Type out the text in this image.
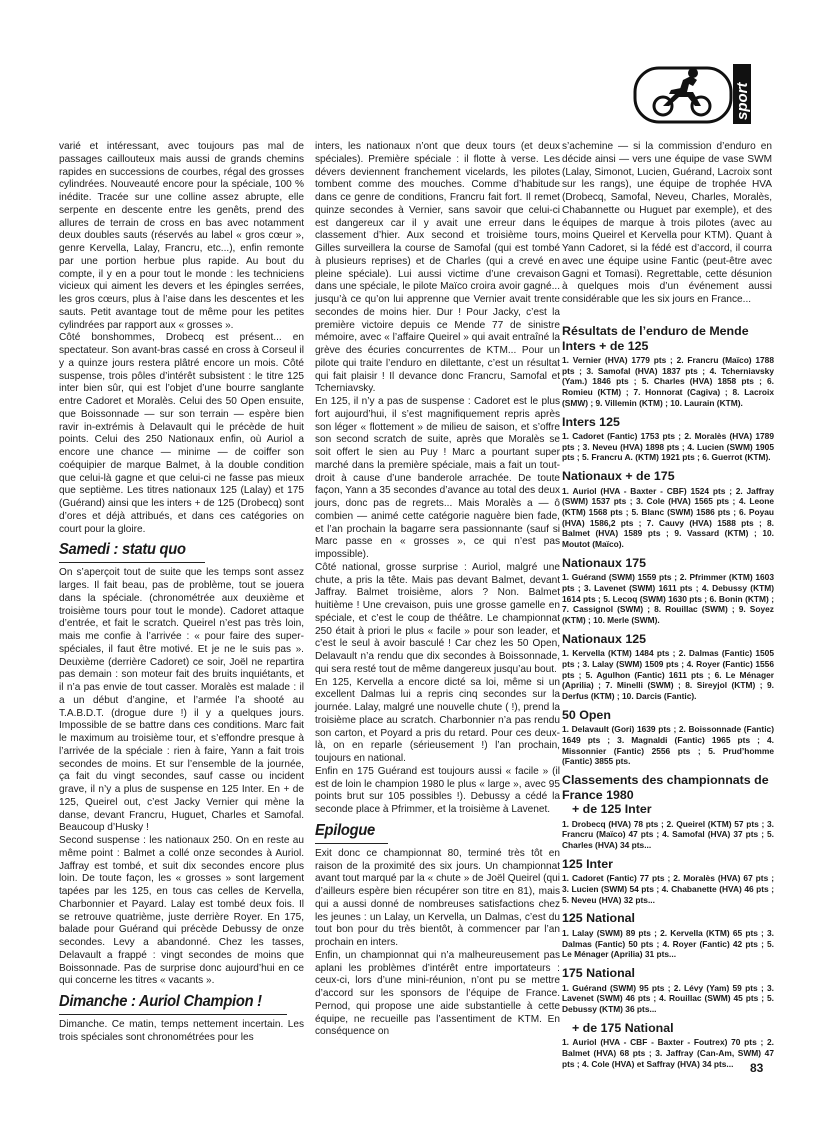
sport

varié et intéressant, avec toujours pas mal de passages caillouteux mais aussi de grands chemins rapides en successions de courbes, régal des grosses cylindrées. Nouveauté encore pour la spéciale, 100 % inédite. Tracée sur une colline assez abrupte, elle serpente en descente entre les genêts, prend des allures de terrain de cross en bas avec notamment deux doubles sauts (réservés au label « gros cœur », genre Kervella, Lalay, Francru, etc...), enfin remonte par une portion herbue plus rapide. Au bout du compte, il y en a pour tout le monde : les techniciens vicieux qui aiment les devers et les épingles serrées, les gros cœurs, plus à l’aise dans les descentes et les sauts. Petit avantage tout de même pour les petites cylindrées par rapport aux « grosses ».

Côté bonshommes, Drobecq est présent... en spectateur. Son avant-bras cassé en cross à Corseul il y a quinze jours restera plâtré encore un mois. Côté suspense, trois pôles d’intérêt subsistent : le titre 125 inter bien sûr, qui est l’objet d’une bourre sanglante entre Cadoret et Moralès. Celui des 50 Open ensuite, que Boissonnade — sur son terrain — espère bien ravir in-extrémis à Delavault qui le précède de huit points. Celui des 250 Nationaux enfin, où Auriol a encore une chance — minime — de coiffer son coéquipier de marque Balmet, à la double condition que celui-là gagne et que celui-ci ne fasse pas mieux que septième. Les titres nationaux 125 (Lalay) et 175 (Guérand) ainsi que les inters + de 125 (Drobecq) sont d’ores et déjà attribués, et dans ces catégories on court pour la gloire.

Samedi : statu quo

On s’aperçoit tout de suite que les temps sont assez larges. Il fait beau, pas de problème, tout se jouera dans la spéciale. (chronométrée aux deuxième et troisième tours pour tout le monde). Cadoret attaque d’entrée, et fait le scratch. Queirel n’est pas très loin, mais me confie à l’arrivée : « pour faire des super-spéciales, il faut être motivé. Et je ne le suis pas ». Deuxième (derrière Cadoret) ce soir, Joël ne repartira pas demain : son moteur fait des bruits inquiétants, et il n’a pas envie de tout casser. Moralès est malade : il a un début d’angine, et l’armée l’a shooté au T.A.B.D.T. (drogue dure !) il y a quelques jours. Impossible de se battre dans ces conditions. Marc fait le maximum au troisième tour, et s’effondre presque à l’arrivée de la spéciale : rien à faire, Yann a fait trois secondes de moins. Et sur l’ensemble de la journée, ça fait du vingt secondes, sauf casse ou incident grave, il n’y a plus de suspense en 125 Inter. En + de 125, Queirel out, c’est Jacky Vernier qui mène la danse, devant Francru, Huguet, Charles et Samofal. Beaucoup d’Husky !

Second suspense : les nationaux 250. On en reste au même point : Balmet a collé onze secondes à Auriol. Jaffray est tombé, et suit dix secondes encore plus loin. De toute façon, les « grosses » sont largement tapées par les 125, en tous cas celles de Kervella, Charbonnier et Payard. Lalay est tombé deux fois. Il se retrouve quatrième, juste derrière Royer. En 175, balade pour Guérand qui précède Debussy de onze secondes. Levy a abandonné. Chez les tasses, Delavault a frappé : vingt secondes de moins que Boissonnade. Pas de surprise donc aujourd’hui en ce qui concerne les titres « vacants ».

Dimanche : Auriol Champion !

Dimanche. Ce matin, temps nettement incertain. Les trois spéciales sont chronométrées pour les

inters, les nationaux n’ont que deux tours (et deux spéciales). Première spéciale : il flotte à verse. Les dévers deviennent franchement vicelards, les pilotes tombent comme des mouches. Comme d’habitude dans ce genre de conditions, Francru fait fort. Il remet quinze secondes à Vernier, sans savoir que celui-ci est dangereux car il y avait une erreur dans le classement d’hier. Aux second et troisième tours, Gilles surveillera la course de Samofal (qui est tombé à plusieurs reprises) et de Charles (qui a crevé en pleine spéciale). Lui aussi victime d’une crevaison dans une spéciale, le pilote Maïco croira avoir gagné... jusqu’à ce qu’on lui apprenne que Vernier avait trente secondes de moins hier. Dur ! Pour Jacky, c’est la première victoire depuis ce Mende 77 de sinistre mémoire, avec « l’affaire Queirel » qui avait entraîné la grève des écuries concurrentes de KTM... Pour un pilote qui traite l’enduro en dilettante, c’est un résultat qui fait plaisir ! Il devance donc Francru, Samofal et Tcherniavsky.

En 125, il n’y a pas de suspense : Cadoret est le plus fort aujourd’hui, il s’est magnifiquement repris après son léger « flottement » de milieu de saison, et s’offre son second scratch de suite, après que Moralès se soit offert le sien au Puy ! Marc a pourtant super marché dans la première spéciale, mais a fait un tout-droit à cause d’une banderole arrachée. De toute façon, Yann a 35 secondes d’avance au total des deux jours, donc pas de regrets... Mais Moralès a — ô combien — animé cette catégorie naguère bien fade, et l’an prochain la bagarre sera passionnante (sauf si Marc passe en « grosses », ce qui n’est pas impossible).

Côté national, grosse surprise : Auriol, malgré une chute, a pris la tête. Mais pas devant Balmet, devant Jaffray. Balmet troisième, alors ? Non. Balmet huitième ! Une crevaison, puis une grosse gamelle en spéciale, et c’est le coup de théâtre. Le championnat 250 était à priori le plus « facile » pour son leader, et c’est le seul à avoir basculé ! Car chez les 50 Open, Delavault n’a rendu que dix secondes à Boissonnade, qui sera resté tout de même dangereux jusqu’au bout.

En 125, Kervella a encore dicté sa loi, même si un excellent Dalmas lui a repris cinq secondes sur la journée. Lalay, malgré une nouvelle chute ( !), prend la troisième place au scratch. Charbonnier n’a pas rendu son carton, et Poyard a pris du retard. Pour ces deux-là, on en reparle (sérieusement !) l’an prochain, toujours en national.

Enfin en 175 Guérand est toujours aussi « facile » (il est de loin le champion 1980 le plus « large », avec 95 points brut sur 105 possibles !). Debussy a cédé la seconde place à Pfrimmer, et la troisième à Lavenet.

Epilogue

Exit donc ce championnat 80, terminé très tôt en raison de la proximité des six jours. Un championnat avant tout marqué par la « chute » de Joël Queirel (qui d’ailleurs espère bien récupérer son titre en 81), mais qui a aussi donné de nombreuses satisfactions chez les jeunes : un Lalay, un Kervella, un Dalmas, c’est du tout bon pour du très bientôt, à commencer par l’an prochain en inters.

Enfin, un championnat qui n’a malheureusement pas aplani les problèmes d’intérêt entre importateurs : ceux-ci, lors d’une mini-réunion, n’ont pu se mettre d’accord sur les sponsors de l’équipe de France. Pernod, qui propose une aide substantielle à cette équipe, ne recueille pas l’assentiment de KTM. En conséquence on

s’achemine — si la commission d’enduro en décide ainsi — vers une équipe de vase SWM (Lalay, Simonot, Lucien, Guérand, Lacroix sont sur les rangs), une équipe de trophée HVA (Drobecq, Samofal, Neveu, Charles, Moralès, Chabannette ou Huguet par exemple), et des équipes de marque à trois pilotes (avec au moins Queirel et Kervella pour KTM). Quant à Yann Cadoret, si la fédé est d’accord, il courra avec une équipe usine Fantic (peut-être avec Gagni et Tomasi). Regrettable, cette désunion à quelques mois d’un événement aussi considérable que les six jours en France...

Résultats de l’enduro de Mende
Inters + de 125
1. Vernier (HVA) 1779 pts ; 2. Francru (Maïco) 1788 pts ; 3. Samofal (HVA) 1837 pts ; 4. Tcherniavsky (Yam.) 1846 pts ; 5. Charles (HVA) 1858 pts ; 6. Romieu (KTM) ; 7. Honnorat (Cagiva) ; 8. Lacroix (SMW) ; 9. Villemin (KTM) ; 10. Laurain (KTM).
Inters 125
1. Cadoret (Fantic) 1753 pts ; 2. Moralès (HVA) 1789 pts ; 3. Neveu (HVA) 1898 pts ; 4. Lucien (SWM) 1905 pts ; 5. Francru A. (KTM) 1921 pts ; 6. Guerrot (KTM).
Nationaux + de 175
1. Auriol (HVA - Baxter - CBF) 1524 pts ; 2. Jaffray (SWM) 1537 pts ; 3. Cole (HVA) 1565 pts ; 4. Leone (KTM) 1568 pts ; 5. Blanc (SWM) 1586 pts ; 6. Poyau (HVA) 1586,2 pts ; 7. Cauvy (HVA) 1588 pts ; 8. Balmet (HVA) 1589 pts ; 9. Vassard (KTM) ; 10. Moutot (Maïco).
Nationaux 175
1. Guérand (SWM) 1559 pts ; 2. Pfrimmer (KTM) 1603 pts ; 3. Lavenet (SWM) 1611 pts ; 4. Debussy (KTM) 1614 pts ; 5. Lecoq (SWM) 1630 pts ; 6. Bonin (KTM) ; 7. Cassignol (SWM) ; 8. Rouillac (SWM) ; 9. Soyez (KTM) ; 10. Merle (SWM).
Nationaux 125
1. Kervella (KTM) 1484 pts ; 2. Dalmas (Fantic) 1505 pts ; 3. Lalay (SWM) 1509 pts ; 4. Royer (Fantic) 1556 pts ; 5. Agulhon (Fantic) 1611 pts ; 6. Le Ménager (Aprilia) ; 7. Minelli (SWM) ; 8. Sireyjol (KTM) ; 9. Derfus (KTM) ; 10. Darcis (Fantic).
50 Open
1. Delavault (Gori) 1639 pts ; 2. Boissonnade (Fantic) 1649 pts ; 3. Magnaldi (Fantic) 1965 pts ; 4. Missonnier (Fantic) 2556 pts ; 5. Prud’homme (Fantic) 3855 pts.
Classements des championnats de France 1980
+ de 125 Inter
1. Drobecq (HVA) 78 pts ; 2. Queirel (KTM) 57 pts ; 3. Francru (Maïco) 47 pts ; 4. Samofal (HVA) 37 pts ; 5. Charles (HVA) 34 pts...
125 Inter
1. Cadoret (Fantic) 77 pts ; 2. Moralès (HVA) 67 pts ; 3. Lucien (SWM) 54 pts ; 4. Chabanette (HVA) 46 pts ; 5. Neveu (HVA) 32 pts...
125 National
1. Lalay (SWM) 89 pts ; 2. Kervella (KTM) 65 pts ; 3. Dalmas (Fantic) 50 pts ; 4. Royer (Fantic) 42 pts ; 5. Le Ménager (Aprilia) 31 pts...
175 National
1. Guérand (SWM) 95 pts ; 2. Lévy (Yam) 59 pts ; 3. Lavenet (SWM) 46 pts ; 4. Rouillac (SWM) 45 pts ; 5. Debussy (KTM) 36 pts...
+ de 175 National
1. Auriol (HVA - CBF - Baxter - Foutrex) 70 pts ; 2. Balmet (HVA) 68 pts ; 3. Jaffray (Can-Am, SWM) 47 pts ; 4. Cole (HVA) et Saffray (HVA) 34 pts...	83
